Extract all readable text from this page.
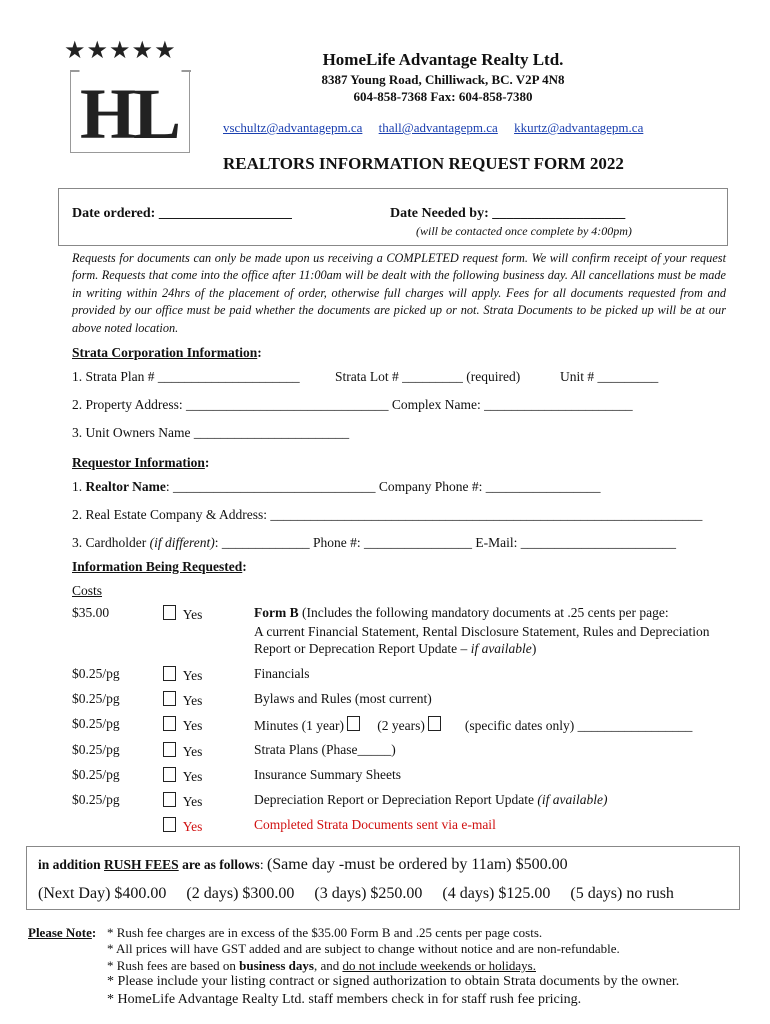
★★★★★
HL
HomeLife Advantage Realty Ltd.
8387 Young Road, Chilliwack, BC. V2P 4N8
604-858-7368 Fax: 604-858-7380
vschultz@advantagepm.ca thall@advantagepm.ca kkurtz@advantagepm.ca
REALTORS INFORMATION REQUEST FORM 2022
Date ordered: ___________________	Date Needed by: ___________________
(will be contacted once complete by 4:00pm)
Requests for documents can only be made upon us receiving a COMPLETED request form. We will confirm receipt of your request form. Requests that come into the office after 11:00am will be dealt with the following business day. All cancellations must be made in writing within 24hrs of the placement of order, otherwise full charges will apply. Fees for all documents requested from and provided by our office must be paid whether the documents are picked up or not. Strata Documents to be picked up will be at our above noted location.
Strata Corporation Information:
1. Strata Plan # _____________________	Strata Lot # _________ (required)	Unit # _________
2. Property Address: ______________________________ Complex Name: ______________________
3. Unit Owners Name _______________________
Requestor Information:
1. Realtor Name: ______________________________ Company Phone #: _________________
2. Real Estate Company & Address: ________________________________________________________________
3. Cardholder (if different): _____________ Phone #: ________________ E-Mail: _______________________
Information Being Requested:
Costs
$35.00	Yes	Form B (Includes the following mandatory documents at .25 cents per page:
A current Financial Statement, Rental Disclosure Statement, Rules and Depreciation
Report or Deprecation Report Update – if available)
$0.25/pg	Yes	Financials
$0.25/pg	Yes	Bylaws and Rules (most current)
$0.25/pg	Yes	Minutes (1 year) (2 years)	(specific dates only) _________________
$0.25/pg	Yes	Strata Plans (Phase_____)
$0.25/pg	Yes	Insurance Summary Sheets
$0.25/pg	Yes	Depreciation Report or Depreciation Report Update (if available)
Yes	Completed Strata Documents sent via e-mail
in addition RUSH FEES are as follows: (Same day -must be ordered by 11am) $500.00
(Next Day) $400.00 (2 days) $300.00 (3 days) $250.00 (4 days) $125.00 (5 days) no rush
Please Note: * Rush fee charges are in excess of the $35.00 Form B and .25 cents per page costs.
* All prices will have GST added and are subject to change without notice and are non-refundable.
* Rush fees are based on business days, and do not include weekends or holidays.
* Please include your listing contract or signed authorization to obtain Strata documents by the owner.
* HomeLife Advantage Realty Ltd. staff members check in for staff rush fee pricing.
